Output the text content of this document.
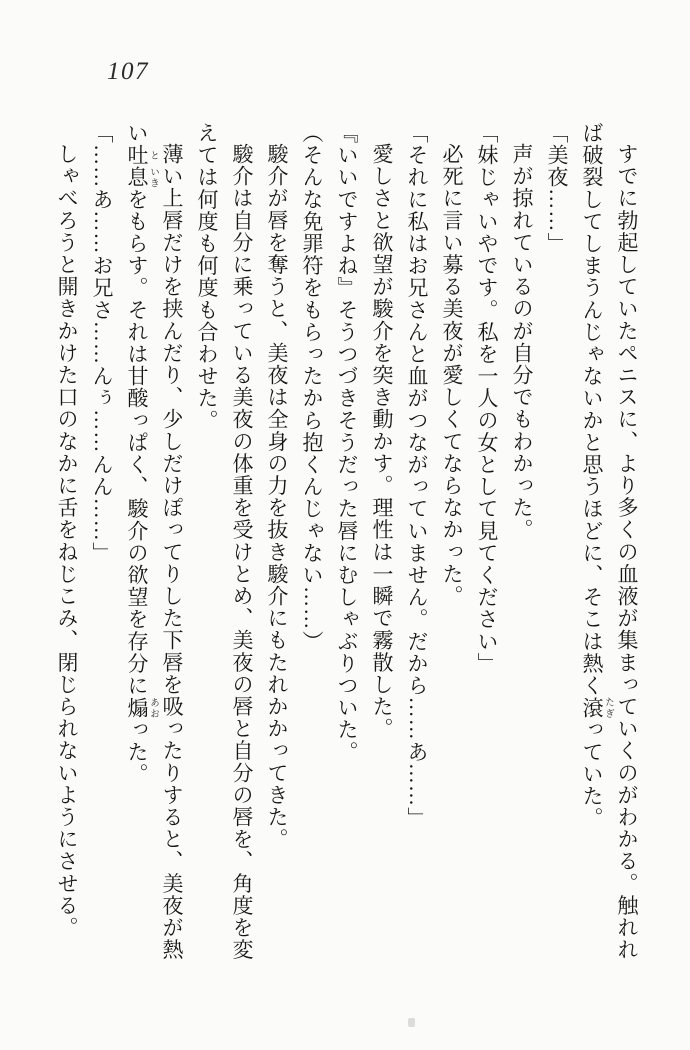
107

すでに勃起していたペニスに、より多くの血液が集まっていくのがわかる。触れれば破裂してしまうんじゃないかと思うほどに、そこは熱く滾 たぎっていた。

「美夜……」

声が掠れているのが自分でもわかった。

「妹じゃいやです。私を一人の女として見てください」

必死に言い募る美夜が愛しくてならなかった。

「それに私はお兄さんと血がつながっていません。だから……あ……」

愛しさと欲望が駿介を突き動かす。理性は一瞬で霧散した。

『いいですよね』そうつづきそうだった唇にむしゃぶりついた。

（そんな免罪符をもらったから抱くんじゃない……）

駿介が唇を奪うと、美夜は全身の力を抜き駿介にもたれかかってきた。

駿介は自分に乗っている美夜の体重を受けとめ、美夜の唇と自分の唇を、角度を変えては何度も何度も合わせた。

薄い上唇だけを挟んだり、少しだけぽってりした下唇を吸ったりすると、美夜が熱い吐 と息 いきをもらす。それは甘酸っぱく、駿介の欲望を存分に煽 あおった。

「……あ……お兄さ……んぅ……んん……」

しゃべろうと開きかけた口のなかに舌をねじこみ、閉じられないようにさせる。
